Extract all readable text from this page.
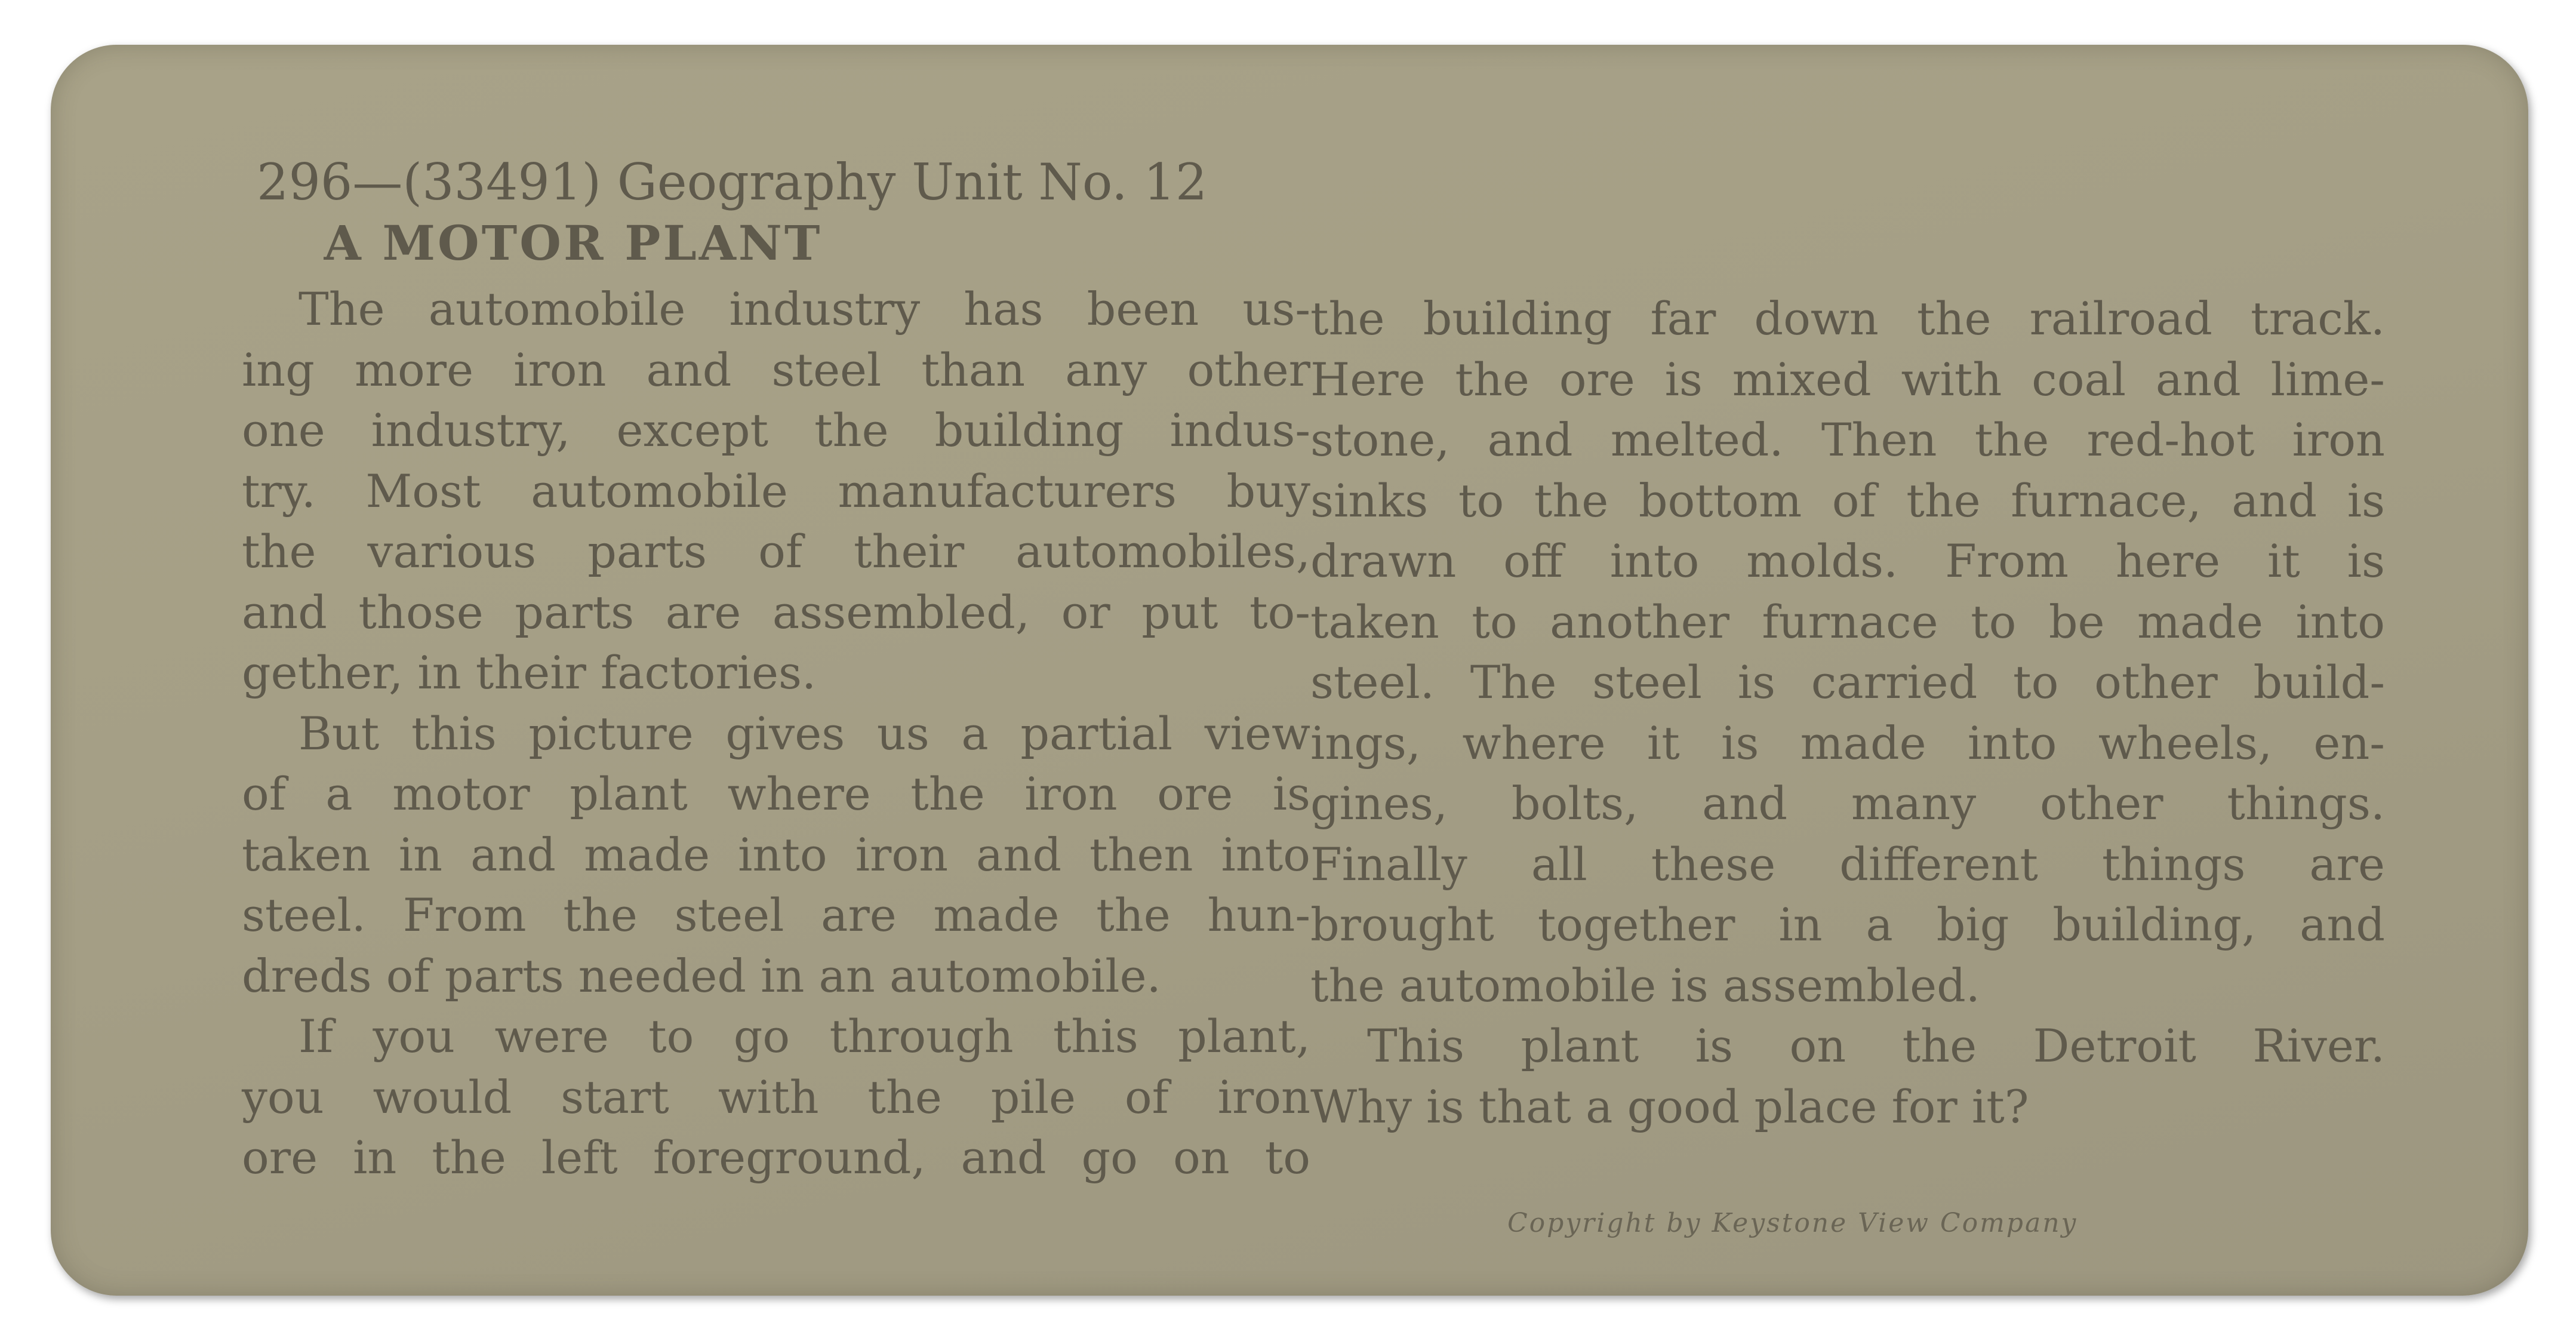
296—(33491) Geography Unit No. 12
A MOTOR PLANT
The automobile industry has been us-
ing more iron and steel than any other
one industry, except the building indus-
try. Most automobile manufacturers buy
the various parts of their automobiles,
and those parts are assembled, or put to-
gether, in their factories.
But this picture gives us a partial view
of a motor plant where the iron ore is
taken in and made into iron and then into
steel. From the steel are made the hun-
dreds of parts needed in an automobile.
If you were to go through this plant,
you would start with the pile of iron
ore in the left foreground, and go on to
the building far down the railroad track.
Here the ore is mixed with coal and lime-
stone, and melted. Then the red-hot iron
sinks to the bottom of the furnace, and is
drawn off into molds. From here it is
taken to another furnace to be made into
steel. The steel is carried to other build-
ings, where it is made into wheels, en-
gines, bolts, and many other things.
Finally all these different things are
brought together in a big building, and
the automobile is assembled.
This plant is on the Detroit River.
Why is that a good place for it?
Copyright by Keystone View Company
